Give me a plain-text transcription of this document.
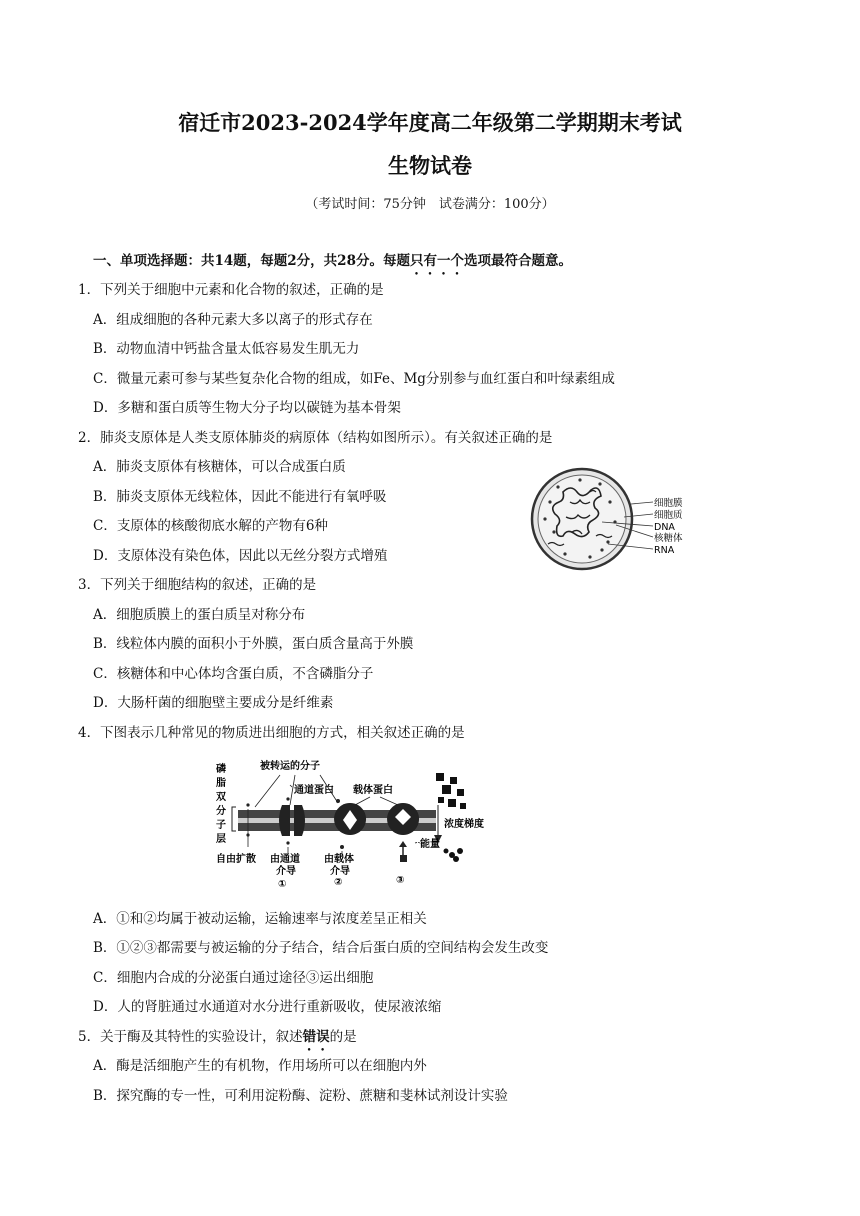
宿迁市2023-2024学年度高二年级第二学期期末考试
生物试卷
（考试时间：75分钟　试卷满分：100分）
一、单项选择题：共14题，每题2分，共28分。每题只有一个选项最符合题意。
1．下列关于细胞中元素和化合物的叙述，正确的是
A．组成细胞的各种元素大多以离子的形式存在
B．动物血清中钙盐含量太低容易发生肌无力
C．微量元素可参与某些复杂化合物的组成，如Fe、Mg分别参与血红蛋白和叶绿素组成
D．多糖和蛋白质等生物大分子均以碳链为基本骨架
2．肺炎支原体是人类支原体肺炎的病原体（结构如图所示）。有关叙述正确的是
A．肺炎支原体有核糖体，可以合成蛋白质
B．肺炎支原体无线粒体，因此不能进行有氧呼吸
C．支原体的核酸彻底水解的产物有6种
D．支原体没有染色体，因此以无丝分裂方式增殖
细胞膜
细胞质
DNA
核糖体
RNA
3．下列关于细胞结构的叙述，正确的是
A．细胞质膜上的蛋白质呈对称分布
B．线粒体内膜的面积小于外膜，蛋白质含量高于外膜
C．核糖体和中心体均含蛋白质，不含磷脂分子
D．大肠杆菌的细胞壁主要成分是纤维素
4．下图表示几种常见的物质进出细胞的方式，相关叙述正确的是
磷
脂
双
分
子
层
被转运的分子
通道蛋白 载体蛋白
浓度梯度
能量
自由扩散 由通道
介导
①
由载体
介导
②	③
A．①和②均属于被动运输，运输速率与浓度差呈正相关
B．①②③都需要与被运输的分子结合，结合后蛋白质的空间结构会发生改变
C．细胞内合成的分泌蛋白通过途径③运出细胞
D．人的肾脏通过水通道对水分进行重新吸收，使尿液浓缩
5．关于酶及其特性的实验设计，叙述错误的是
A．酶是活细胞产生的有机物，作用场所可以在细胞内外
B．探究酶的专一性，可利用淀粉酶、淀粉、蔗糖和斐林试剂设计实验
